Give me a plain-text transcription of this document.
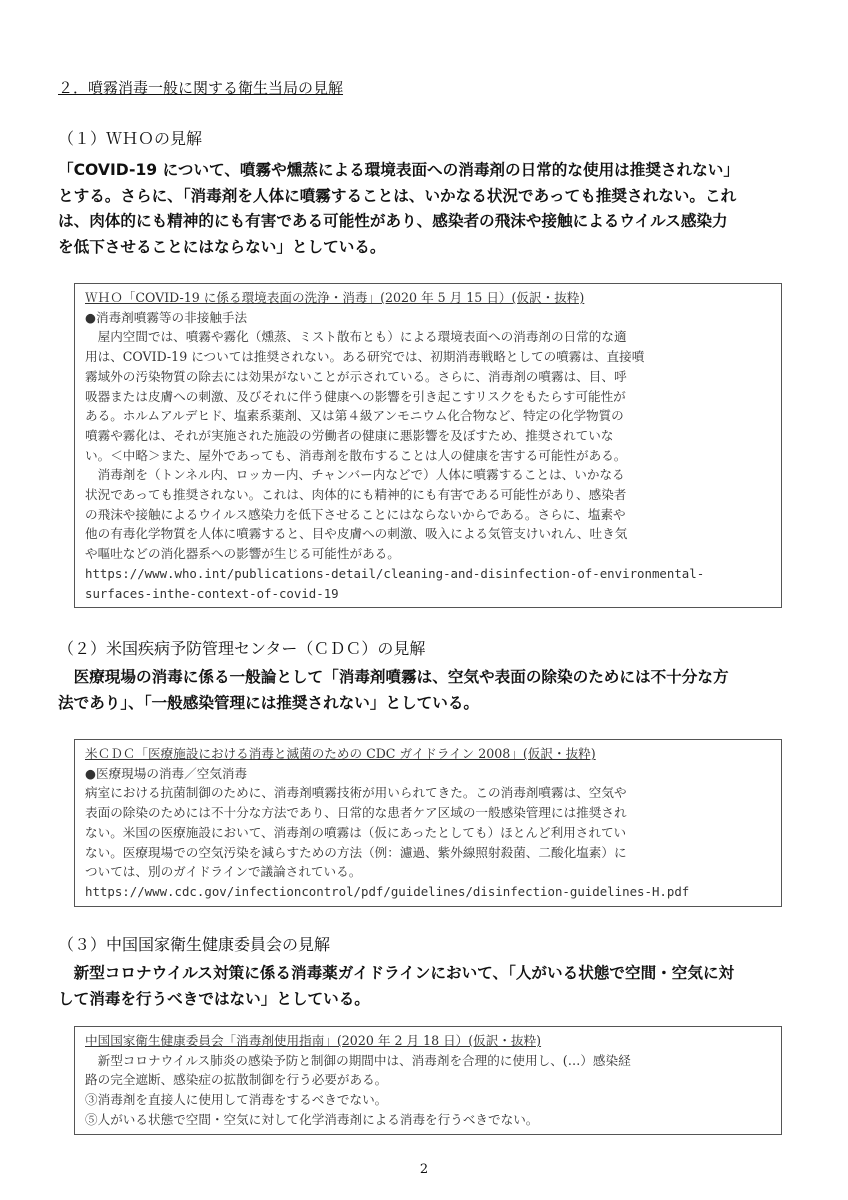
２．噴霧消毒一般に関する衛生当局の見解
（１）ＷＨＯの見解
「COVID-19 について、噴霧や燻蒸による環境表面への消毒剤の日常的な使用は推奨されない」
とする。さらに、「消毒剤を人体に噴霧することは、いかなる状況であっても推奨されない。これ
は、肉体的にも精神的にも有害である可能性があり、感染者の飛沫や接触によるウイルス感染力
を低下させることにはならない」としている。
ＷＨＯ「COVID-19 に係る環境表面の洗浄・消毒」(2020 年 5 月 15 日）(仮訳・抜粋)
●消毒剤噴霧等の非接触手法
　屋内空間では、噴霧や霧化（燻蒸、ミスト散布とも）による環境表面への消毒剤の日常的な適
用は、COVID-19 については推奨されない。ある研究では、初期消毒戦略としての噴霧は、直接噴
霧域外の汚染物質の除去には効果がないことが示されている。さらに、消毒剤の噴霧は、目、呼
吸器または皮膚への刺激、及びそれに伴う健康への影響を引き起こすリスクをもたらす可能性が
ある。ホルムアルデヒド、塩素系薬剤、又は第４級アンモニウム化合物など、特定の化学物質の
噴霧や霧化は、それが実施された施設の労働者の健康に悪影響を及ぼすため、推奨されていな
い。＜中略＞また、屋外であっても、消毒剤を散布することは人の健康を害する可能性がある。
　消毒剤を（トンネル内、ロッカー内、チャンバー内などで）人体に噴霧することは、いかなる
状況であっても推奨されない。これは、肉体的にも精神的にも有害である可能性があり、感染者
の飛沫や接触によるウイルス感染力を低下させることにはならないからである。さらに、塩素や
他の有毒化学物質を人体に噴霧すると、目や皮膚への刺激、吸入による気管支けいれん、吐き気
や嘔吐などの消化器系への影響が生じる可能性がある。
https://www.who.int/publications-detail/cleaning-and-disinfection-of-environmental-
surfaces-inthe-context-of-covid-19
（２）米国疾病予防管理センター（ＣＤＣ）の見解
　医療現場の消毒に係る一般論として「消毒剤噴霧は、空気や表面の除染のためには不十分な方
法であり」、「一般感染管理には推奨されない」としている。
米ＣＤＣ「医療施設における消毒と滅菌のための CDC ガイドライン 2008」(仮訳・抜粋)
●医療現場の消毒／空気消毒
病室における抗菌制御のために、消毒剤噴霧技術が用いられてきた。この消毒剤噴霧は、空気や
表面の除染のためには不十分な方法であり、日常的な患者ケア区域の一般感染管理には推奨され
ない。米国の医療施設において、消毒剤の噴霧は（仮にあったとしても）ほとんど利用されてい
ない。医療現場での空気汚染を減らすための方法（例：濾過、紫外線照射殺菌、二酸化塩素）に
ついては、別のガイドラインで議論されている。
https://www.cdc.gov/infectioncontrol/pdf/guidelines/disinfection-guidelines-H.pdf
（３）中国国家衛生健康委員会の見解
　新型コロナウイルス対策に係る消毒薬ガイドラインにおいて、「人がいる状態で空間・空気に対
して消毒を行うべきではない」としている。
中国国家衛生健康委員会「消毒剤使用指南」(2020 年 2 月 18 日）(仮訳・抜粋)
　新型コロナウイルス肺炎の感染予防と制御の期間中は、消毒剤を合理的に使用し、(…）感染経
路の完全遮断、感染症の拡散制御を行う必要がある。
③消毒剤を直接人に使用して消毒をするべきでない。
⑤人がいる状態で空間・空気に対して化学消毒剤による消毒を行うべきでない。
2
